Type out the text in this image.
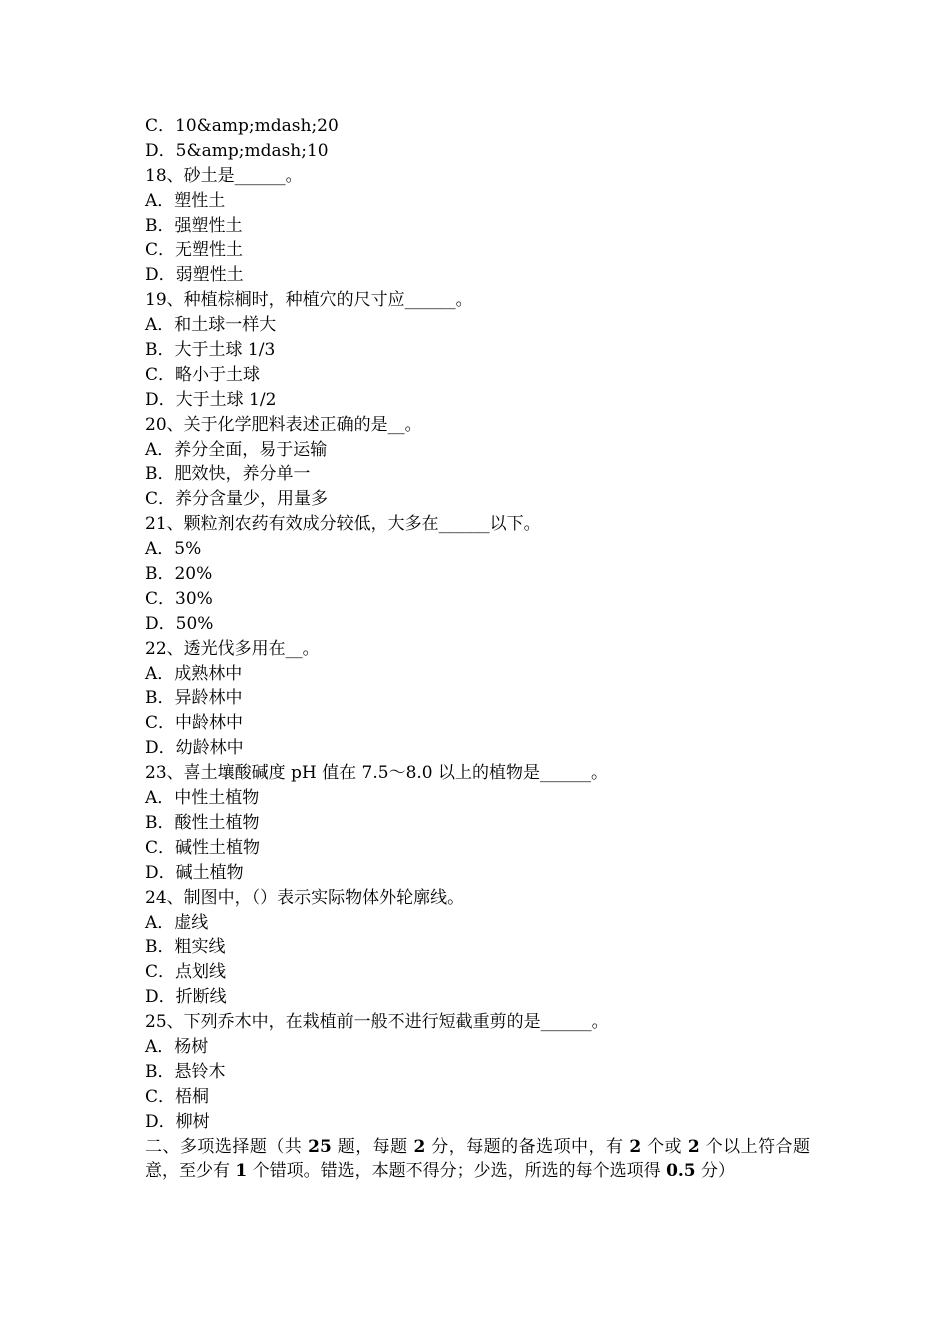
C．10&amp;mdash;20
D．5&amp;mdash;10
18、砂土是______。
A．塑性土
B．强塑性土
C．无塑性土
D．弱塑性土
19、种植棕榈时，种植穴的尺寸应______。
A．和土球一样大
B．大于土球 1/3
C．略小于土球
D．大于土球 1/2
20、关于化学肥料表述正确的是__。
A．养分全面，易于运输
B．肥效快，养分单一
C．养分含量少，用量多
21、颗粒剂农药有效成分较低，大多在______以下。
A．5%
B．20%
C．30%
D．50%
22、透光伐多用在__。
A．成熟林中
B．异龄林中
C．中龄林中
D．幼龄林中
23、喜土壤酸碱度 pH 值在 7.5～8.0 以上的植物是______。
A．中性土植物
B．酸性土植物
C．碱性土植物
D．碱土植物
24、制图中，（）表示实际物体外轮廓线。
A．虚线
B．粗实线
C．点划线
D．折断线
25、下列乔木中，在栽植前一般不进行短截重剪的是______。
A．杨树
B．悬铃木
C．梧桐
D．柳树
二、多项选择题（共 25 题，每题 2 分，每题的备选项中，有 2 个或 2 个以上符合题意，至少有 1 个错项。错选，本题不得分；少选，所选的每个选项得 0.5 分）
